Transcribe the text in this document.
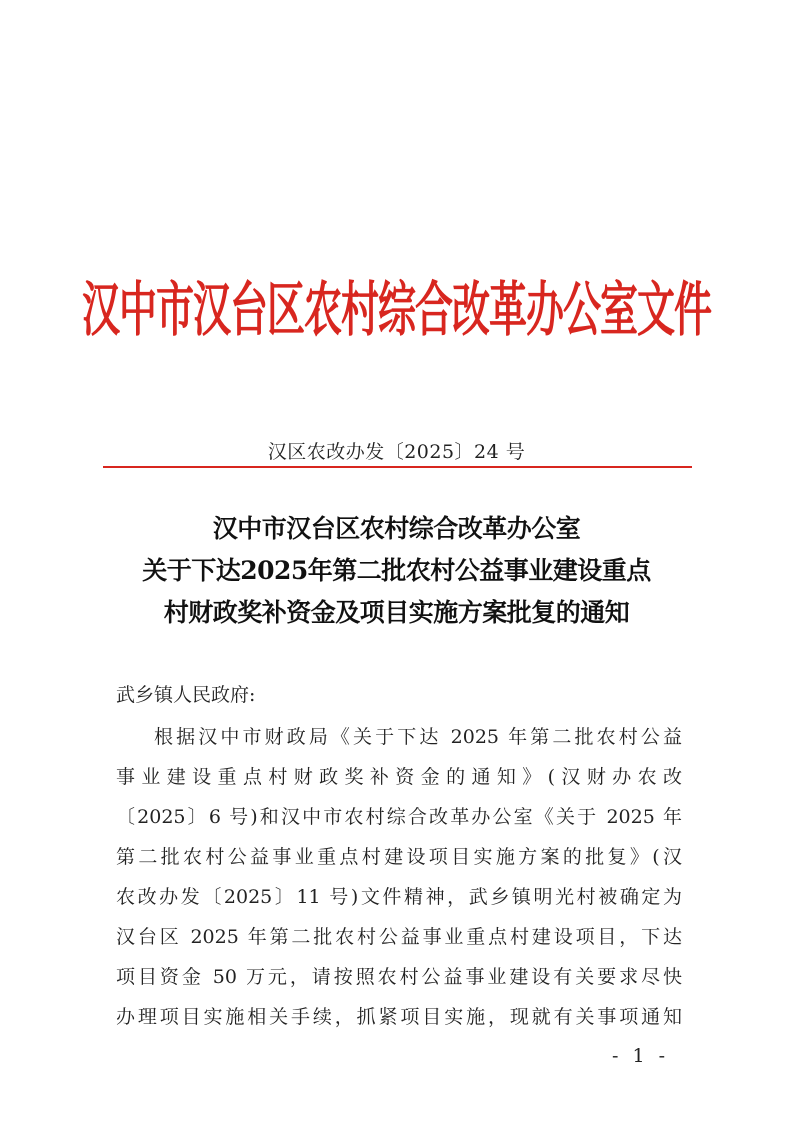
汉中市汉台区农村综合改革办公室文件
汉区农改办发〔2025〕24 号
汉中市汉台区农村综合改革办公室
关于下达2025年第二批农村公益事业建设重点
村财政奖补资金及项目实施方案批复的通知
武乡镇人民政府:
根据汉中市财政局《关于下达 2025 年第二批农村公益
事业建设重点村财政奖补资金的通知》(汉财办农改
〔2025〕6 号)和汉中市农村综合改革办公室《关于 2025 年
第二批农村公益事业重点村建设项目实施方案的批复》(汉
农改办发〔2025〕11 号)文件精神，武乡镇明光村被确定为
汉台区 2025 年第二批农村公益事业重点村建设项目，下达
项目资金 50 万元，请按照农村公益事业建设有关要求尽快
办理项目实施相关手续，抓紧项目实施，现就有关事项通知
- 1 -
